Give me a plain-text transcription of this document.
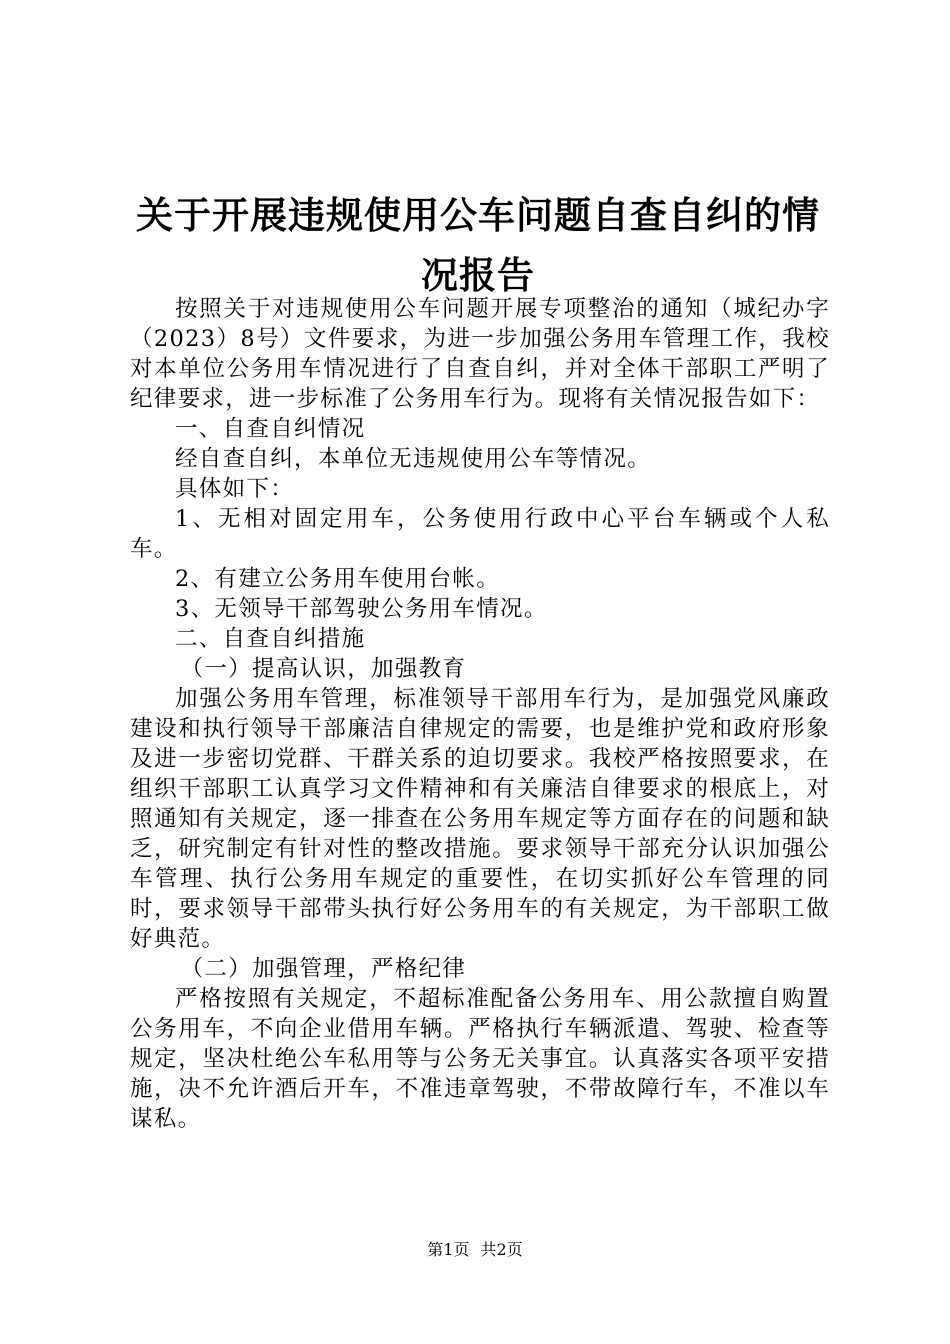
关于开展违规使用公车问题自查自纠的情况报告

按照关于对违规使用公车问题开展专项整治的通知（城纪办字（2023）8号）文件要求，为进一步加强公务用车管理工作，我校对本单位公务用车情况进行了自查自纠，并对全体干部职工严明了纪律要求，进一步标准了公务用车行为。现将有关情况报告如下：

一、自查自纠情况

经自查自纠，本单位无违规使用公车等情况。

具体如下：

1、无相对固定用车，公务使用行政中心平台车辆或个人私车。

2、有建立公务用车使用台帐。

3、无领导干部驾驶公务用车情况。

二、自查自纠措施

（一）提高认识，加强教育

加强公务用车管理，标准领导干部用车行为，是加强党风廉政建设和执行领导干部廉洁自律规定的需要，也是维护党和政府形象及进一步密切党群、干群关系的迫切要求。我校严格按照要求，在组织干部职工认真学习文件精神和有关廉洁自律要求的根底上，对照通知有关规定，逐一排查在公务用车规定等方面存在的问题和缺乏，研究制定有针对性的整改措施。要求领导干部充分认识加强公车管理、执行公务用车规定的重要性，在切实抓好公车管理的同时，要求领导干部带头执行好公务用车的有关规定，为干部职工做好典范。

（二）加强管理，严格纪律

严格按照有关规定，不超标准配备公务用车、用公款擅自购置公务用车，不向企业借用车辆。严格执行车辆派遣、驾驶、检查等规定，坚决杜绝公车私用等与公务无关事宜。认真落实各项平安措施，决不允许酒后开车，不准违章驾驶，不带故障行车，不准以车谋私。

第1页 共2页
